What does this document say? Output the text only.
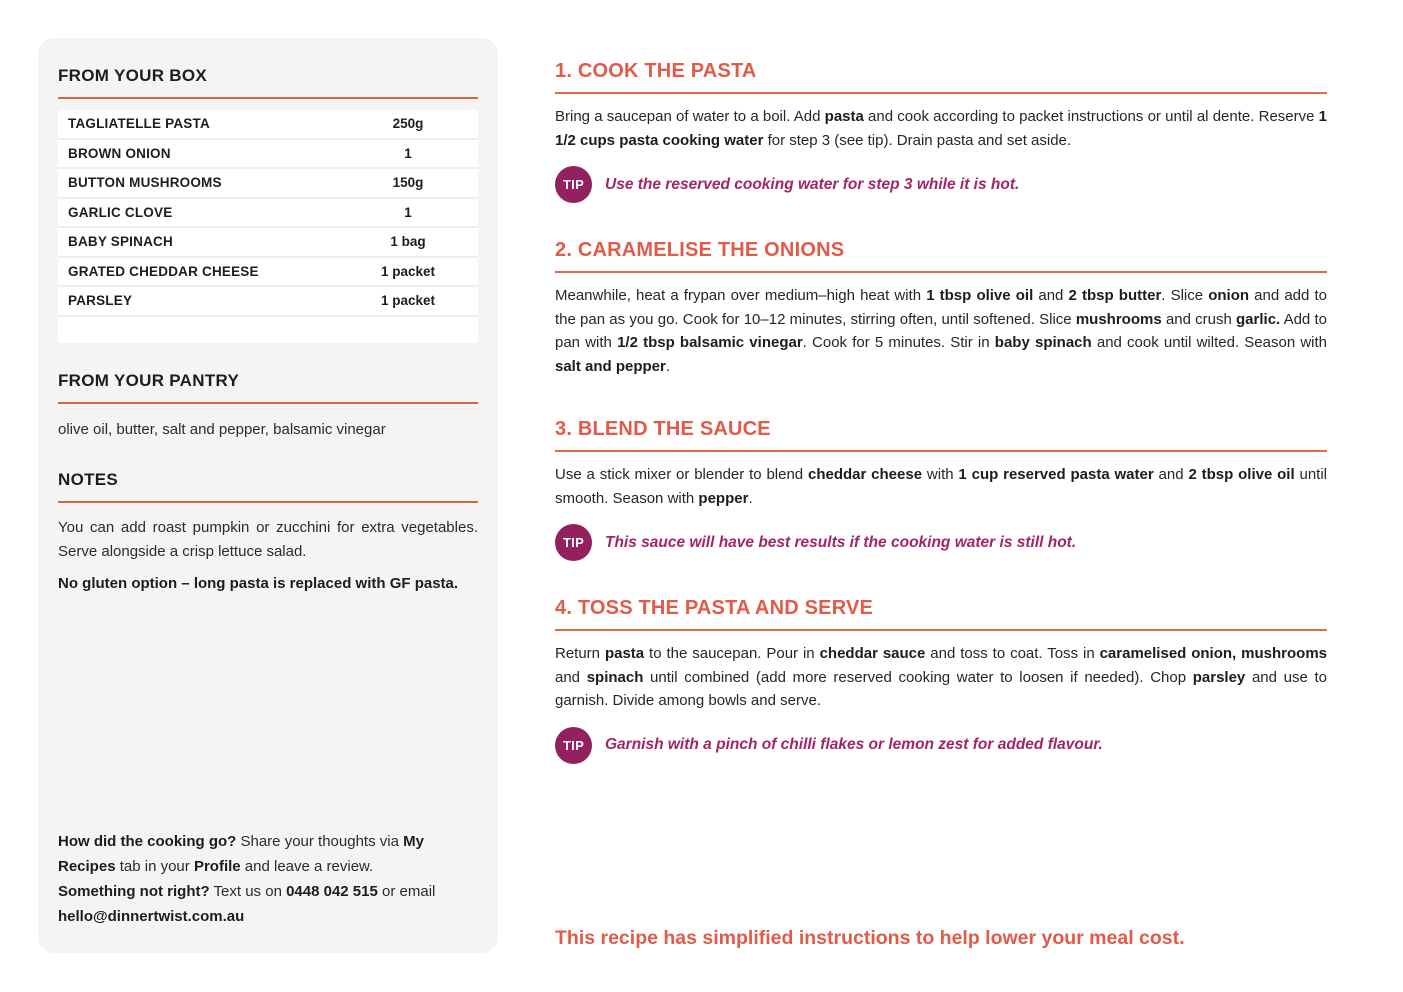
FROM YOUR BOX
TAGLIATELLE PASTA	250g
BROWN ONION	1
BUTTON MUSHROOMS	150g
GARLIC CLOVE	1
BABY SPINACH	1 bag
GRATED CHEDDAR CHEESE	1 packet
PARSLEY	1 packet
FROM YOUR PANTRY

olive oil, butter, salt and pepper, balsamic vinegar

NOTES

You can add roast pumpkin or zucchini for extra vegetables. Serve alongside a crisp lettuce salad.

No gluten option – long pasta is replaced with GF pasta.

How did the cooking go? Share your thoughts via My Recipes tab in your Profile and leave a review.

Something not right? Text us on 0448 042 515 or email hello@dinnertwist.com.au

1. COOK THE PASTA

Bring a saucepan of water to a boil. Add pasta and cook according to packet instructions or until al dente. Reserve 1 1/2 cups pasta cooking water for step 3 (see tip). Drain pasta and set aside.

TIP	Use the reserved cooking water for step 3 while it is hot.
2. CARAMELISE THE ONIONS

Meanwhile, heat a frypan over medium–high heat with 1 tbsp olive oil and 2 tbsp butter. Slice onion and add to the pan as you go. Cook for 10–12 minutes, stirring often, until softened. Slice mushrooms and crush garlic. Add to pan with 1/2 tbsp balsamic vinegar. Cook for 5 minutes. Stir in baby spinach and cook until wilted. Season with salt and pepper.

3. BLEND THE SAUCE

Use a stick mixer or blender to blend cheddar cheese with 1 cup reserved pasta water and 2 tbsp olive oil until smooth. Season with pepper.

TIP	This sauce will have best results if the cooking water is still hot.
4. TOSS THE PASTA AND SERVE

Return pasta to the saucepan. Pour in cheddar sauce and toss to coat. Toss in caramelised onion, mushrooms and spinach until combined (add more reserved cooking water to loosen if needed). Chop parsley and use to garnish. Divide among bowls and serve.

TIP	Garnish with a pinch of chilli flakes or lemon zest for added flavour.

This recipe has simplified instructions to help lower your meal cost.
